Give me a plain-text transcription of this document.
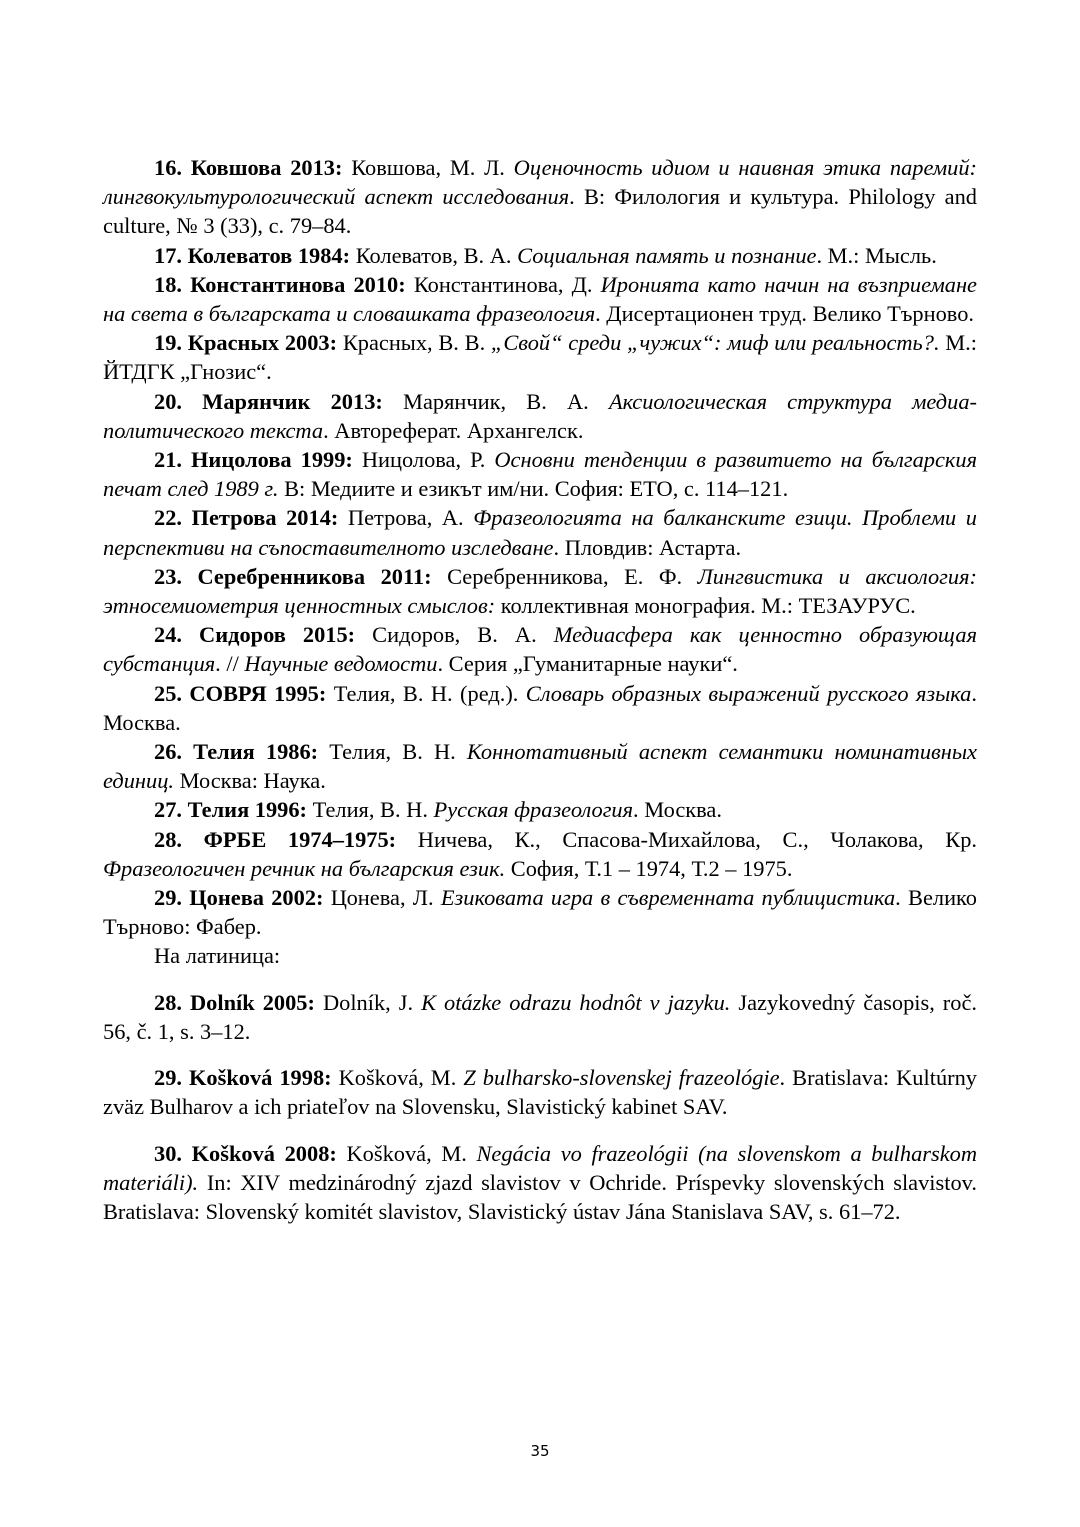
16. Ковшова 2013: Ковшова, М. Л. Оценочность идиом и наивная этика паремий: лингвокультурологический аспект исследования. В: Филология и культура. Philology and culture, № 3 (33), с. 79–84.

17. Колеватов 1984: Колеватов, В. А. Социальная память и познание. М.: Мысль.

18. Константинова 2010: Константинова, Д. Иронията като начин на възприемане на света в българската и словашката фразеология. Дисертационен труд. Велико Търново.

19. Красных 2003: Красных, В. В. „Свой“ среди „чужих“: миф или реальность?. М.: ЙТДГК „Гнозис“.

20. Марянчик 2013: Марянчик, В. А. Аксиологическая структура медиа-политического текста. Автореферат. Архангелск.

21. Ницолова 1999: Ницолова, Р. Основни тенденции в развитието на българския печат след 1989 г. В: Медиите и езикът им/ни. София: ЕТО, с. 114–121.

22. Петрова 2014: Петрова, А. Фразеологията на балканските езици. Проблеми и перспективи на съпоставителното изследване. Пловдив: Астарта.

23. Серебренникова 2011: Серебренникова, Е. Ф. Лингвистика и аксиология: этносемиометрия ценностных смыслов: коллективная монография. М.: ТЕЗАУРУС.

24. Сидоров 2015: Сидоров, В. А. Медиасфера как ценностно образующая субстанция. // Научные ведомости. Серия „Гуманитарные науки“.

25. СОВРЯ 1995: Телия, В. Н. (ред.). Словарь образных выражений русского языка. Москва.

26. Телия 1986: Телия, В. Н. Коннотативный аспект семантики номинативных единиц. Москва: Наука.

27. Телия 1996: Телия, В. Н. Русская фразеология. Москва.

28. ФРБЕ 1974–1975: Ничева, К., Спасова-Михайлова, С., Чолакова, Кр. Фразеологичен речник на българския език. София, Т.1 – 1974, Т.2 – 1975.

29. Цонева 2002: Цонева, Л. Езиковата игра в съвременната публицистика. Велико Търново: Фабер.

На латиница:

28. Dolník 2005: Dolník, J. K otázke odrazu hodnôt v jazyku. Jazykovedný časopis, roč. 56, č. 1, s. 3–12.

29. Košková 1998: Košková, M. Z bulharsko-slovenskej frazeológie. Bratislava: Kultúrny zväz Bulharov a ich priateľov na Slovensku, Slavistický kabinet SAV.

30. Košková 2008: Košková, M. Negácia vo frazeológii (na slovenskom a bulharskom materiáli). In: XIV medzinárodný zjazd slavistov v Ochride. Príspevky slovenských slavistov. Bratislava: Slovenský komitét slavistov, Slavistický ústav Jána Stanislava SAV, s. 61–72.

35
